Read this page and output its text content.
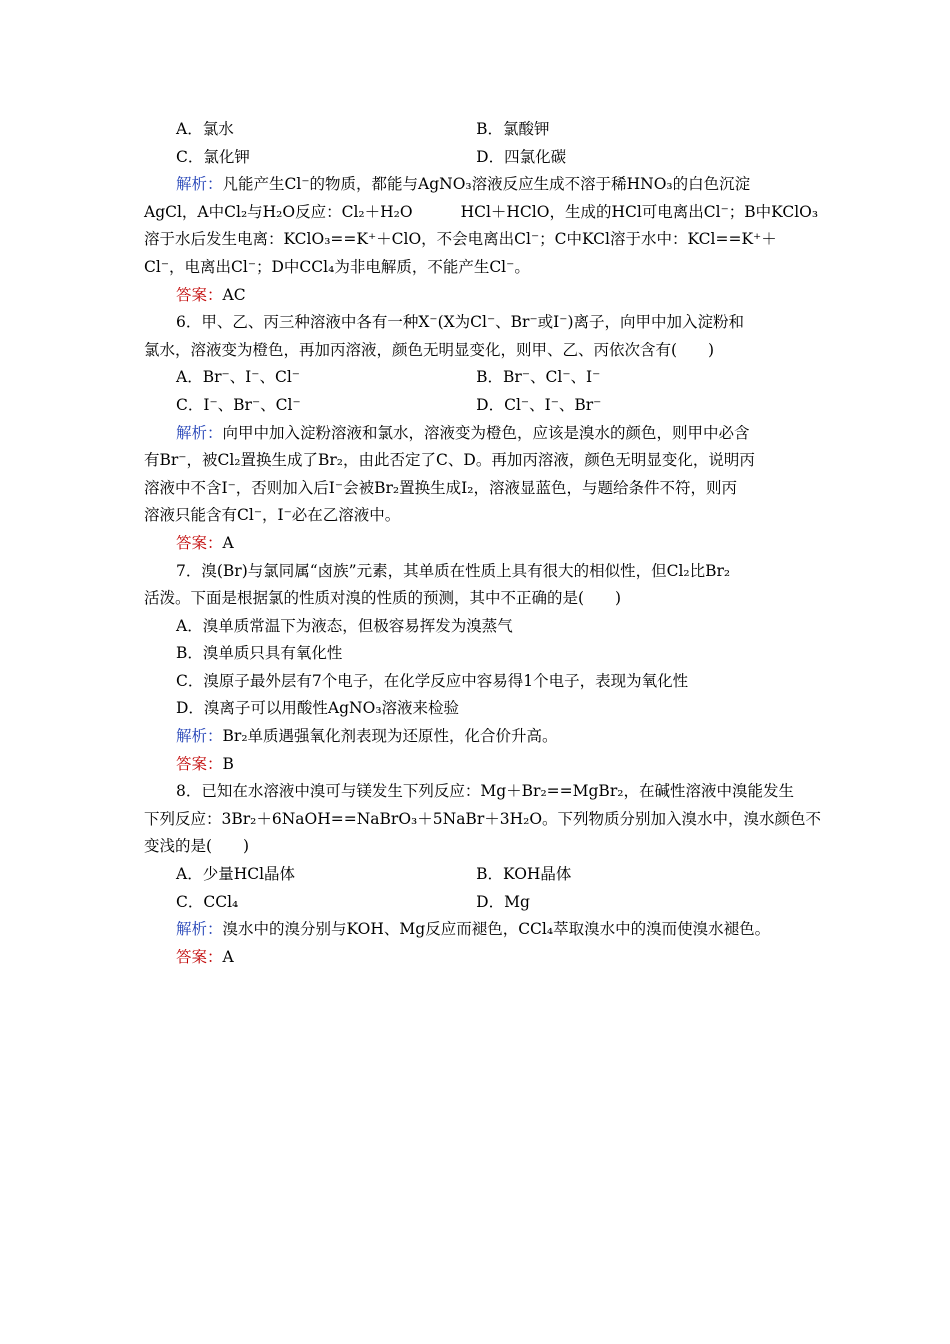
A．氯水	B．氯酸钾
C．氯化钾	D．四氯化碳
解析：凡能产生Cl⁻的物质，都能与AgNO₃溶液反应生成不溶于稀HNO₃的白色沉淀
AgCl，A中Cl₂与H₂O反应：Cl₂＋H₂O	HCl＋HClO，生成的HCl可电离出Cl⁻；B中KClO₃
溶于水后发生电离：KClO₃==K⁺＋ClO，不会电离出Cl⁻；C中KCl溶于水中：KCl==K⁺＋
Cl⁻，电离出Cl⁻；D中CCl₄为非电解质，不能产生Cl⁻。
答案：AC
6．甲、乙、丙三种溶液中各有一种X⁻(X为Cl⁻、Br⁻或I⁻)离子，向甲中加入淀粉和
氯水，溶液变为橙色，再加丙溶液，颜色无明显变化，则甲、乙、丙依次含有(　　)
A．Br⁻、I⁻、Cl⁻	B．Br⁻、Cl⁻、I⁻
C．I⁻、Br⁻、Cl⁻	D．Cl⁻、I⁻、Br⁻
解析：向甲中加入淀粉溶液和氯水，溶液变为橙色，应该是溴水的颜色，则甲中必含
有Br⁻，被Cl₂置换生成了Br₂，由此否定了C、D。再加丙溶液，颜色无明显变化，说明丙
溶液中不含I⁻，否则加入后I⁻会被Br₂置换生成I₂，溶液显蓝色，与题给条件不符，则丙
溶液只能含有Cl⁻，I⁻必在乙溶液中。
答案：A
7．溴(Br)与氯同属“卤族”元素，其单质在性质上具有很大的相似性，但Cl₂比Br₂
活泼。下面是根据氯的性质对溴的性质的预测，其中不正确的是(　　)
A．溴单质常温下为液态，但极容易挥发为溴蒸气
B．溴单质只具有氧化性
C．溴原子最外层有7个电子，在化学反应中容易得1个电子，表现为氧化性
D．溴离子可以用酸性AgNO₃溶液来检验
解析：Br₂单质遇强氧化剂表现为还原性，化合价升高。
答案：B
8．已知在水溶液中溴可与镁发生下列反应：Mg＋Br₂==MgBr₂，在碱性溶液中溴能发生
下列反应：3Br₂＋6NaOH==NaBrO₃＋5NaBr＋3H₂O。下列物质分别加入溴水中，溴水颜色不
变浅的是(　　)
A．少量HCl晶体	B．KOH晶体
C．CCl₄	D．Mg
解析：溴水中的溴分别与KOH、Mg反应而褪色，CCl₄萃取溴水中的溴而使溴水褪色。
答案：A
